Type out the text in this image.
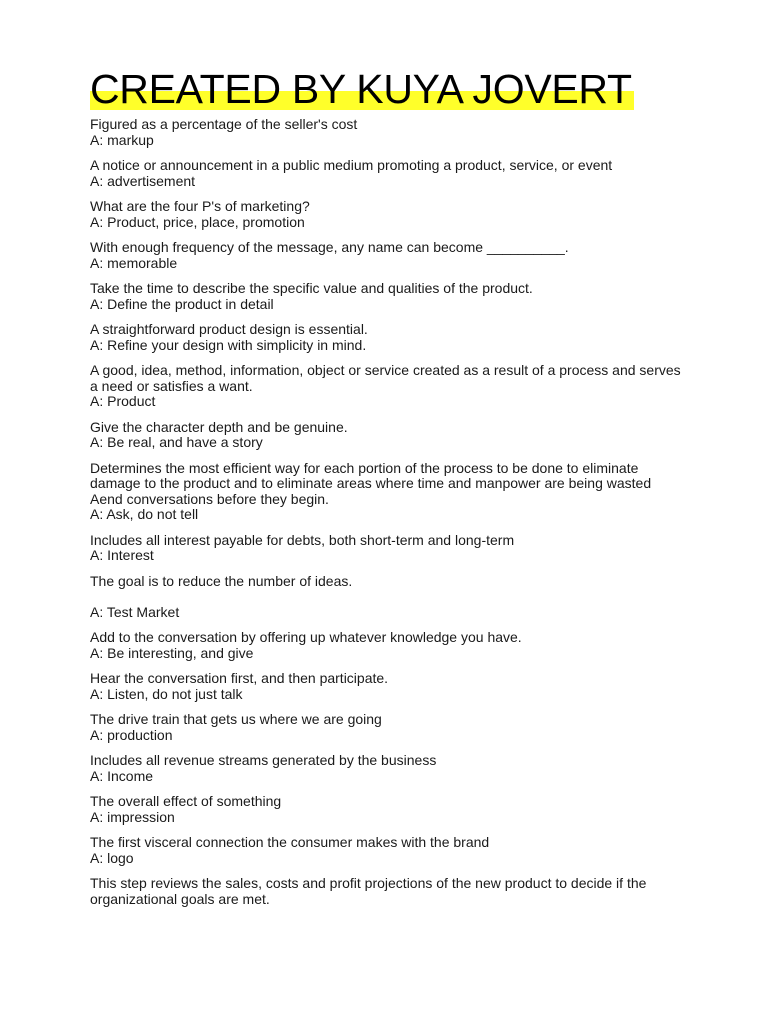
CREATED BY KUYA JOVERT
Figured as a percentage of the seller's cost
A: markup
A notice or announcement in a public medium promoting a product, service, or event
A: advertisement
What are the four P's of marketing?
A: Product, price, place, promotion
With enough frequency of the message, any name can become __________.
A: memorable
Take the time to describe the specific value and qualities of the product.
A: Define the product in detail
A straightforward product design is essential.
A: Refine your design with simplicity in mind.
A good, idea, method, information, object or service created as a result of a process and serves a need or satisfies a want.
A: Product
Give the character depth and be genuine.
A: Be real, and have a story
Determines the most efficient way for each portion of the process to be done to eliminate damage to the product and to eliminate areas where time and manpower are being wasted
Aend conversations before they begin.
A: Ask, do not tell
Includes all interest payable for debts, both short-term and long-term
A: Interest
The goal is to reduce the number of ideas.
A: Test Market
Add to the conversation by offering up whatever knowledge you have.
A: Be interesting, and give
Hear the conversation first, and then participate.
A: Listen, do not just talk
The drive train that gets us where we are going
A: production
Includes all revenue streams generated by the business
A: Income
The overall effect of something
A: impression
The first visceral connection the consumer makes with the brand
A: logo
This step reviews the sales, costs and profit projections of the new product to decide if the organizational goals are met.
